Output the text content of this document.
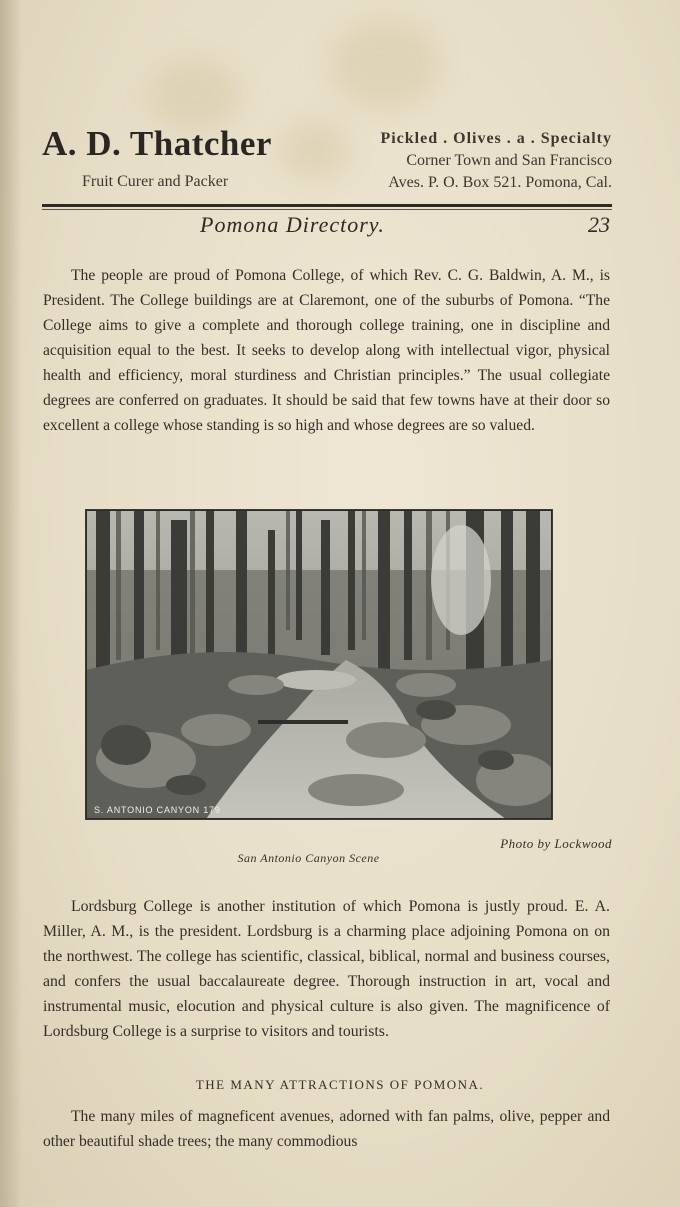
A. D. Thatcher
Fruit Curer and Packer
Pickled . Olives . a . Specialty
Corner Town and San Francisco
Aves. P. O. Box 521. Pomona, Cal.
Pomona Directory.	23
The people are proud of Pomona College, of which Rev. C. G. Baldwin, A. M., is President. The College buildings are at Claremont, one of the suburbs of Pomona. “The College aims to give a complete and thorough college training, one in discipline and acquisition equal to the best. It seeks to develop along with intellectual vigor, physical health and efficiency, moral sturdiness and Christian principles.” The usual collegiate degrees are conferred on graduates. It should be said that few towns have at their door so excellent a college whose standing is so high and whose degrees are so valued.
S. ANTONIO CANYON 179
Photo by Lockwood
San Antonio Canyon Scene
Lordsburg College is another institution of which Pomona is justly proud. E. A. Miller, A. M., is the president. Lordsburg is a charming place adjoining Pomona on on the northwest. The college has scientific, classical, biblical, normal and business courses, and confers the usual baccalaureate degree. Thorough instruction in art, vocal and instrumental music, elocution and physical culture is also given. The magnificence of Lordsburg College is a surprise to visitors and tourists.
THE MANY ATTRACTIONS OF POMONA.
The many miles of magneficent avenues, adorned with fan palms, olive, pepper and other beautiful shade trees; the many commodious
